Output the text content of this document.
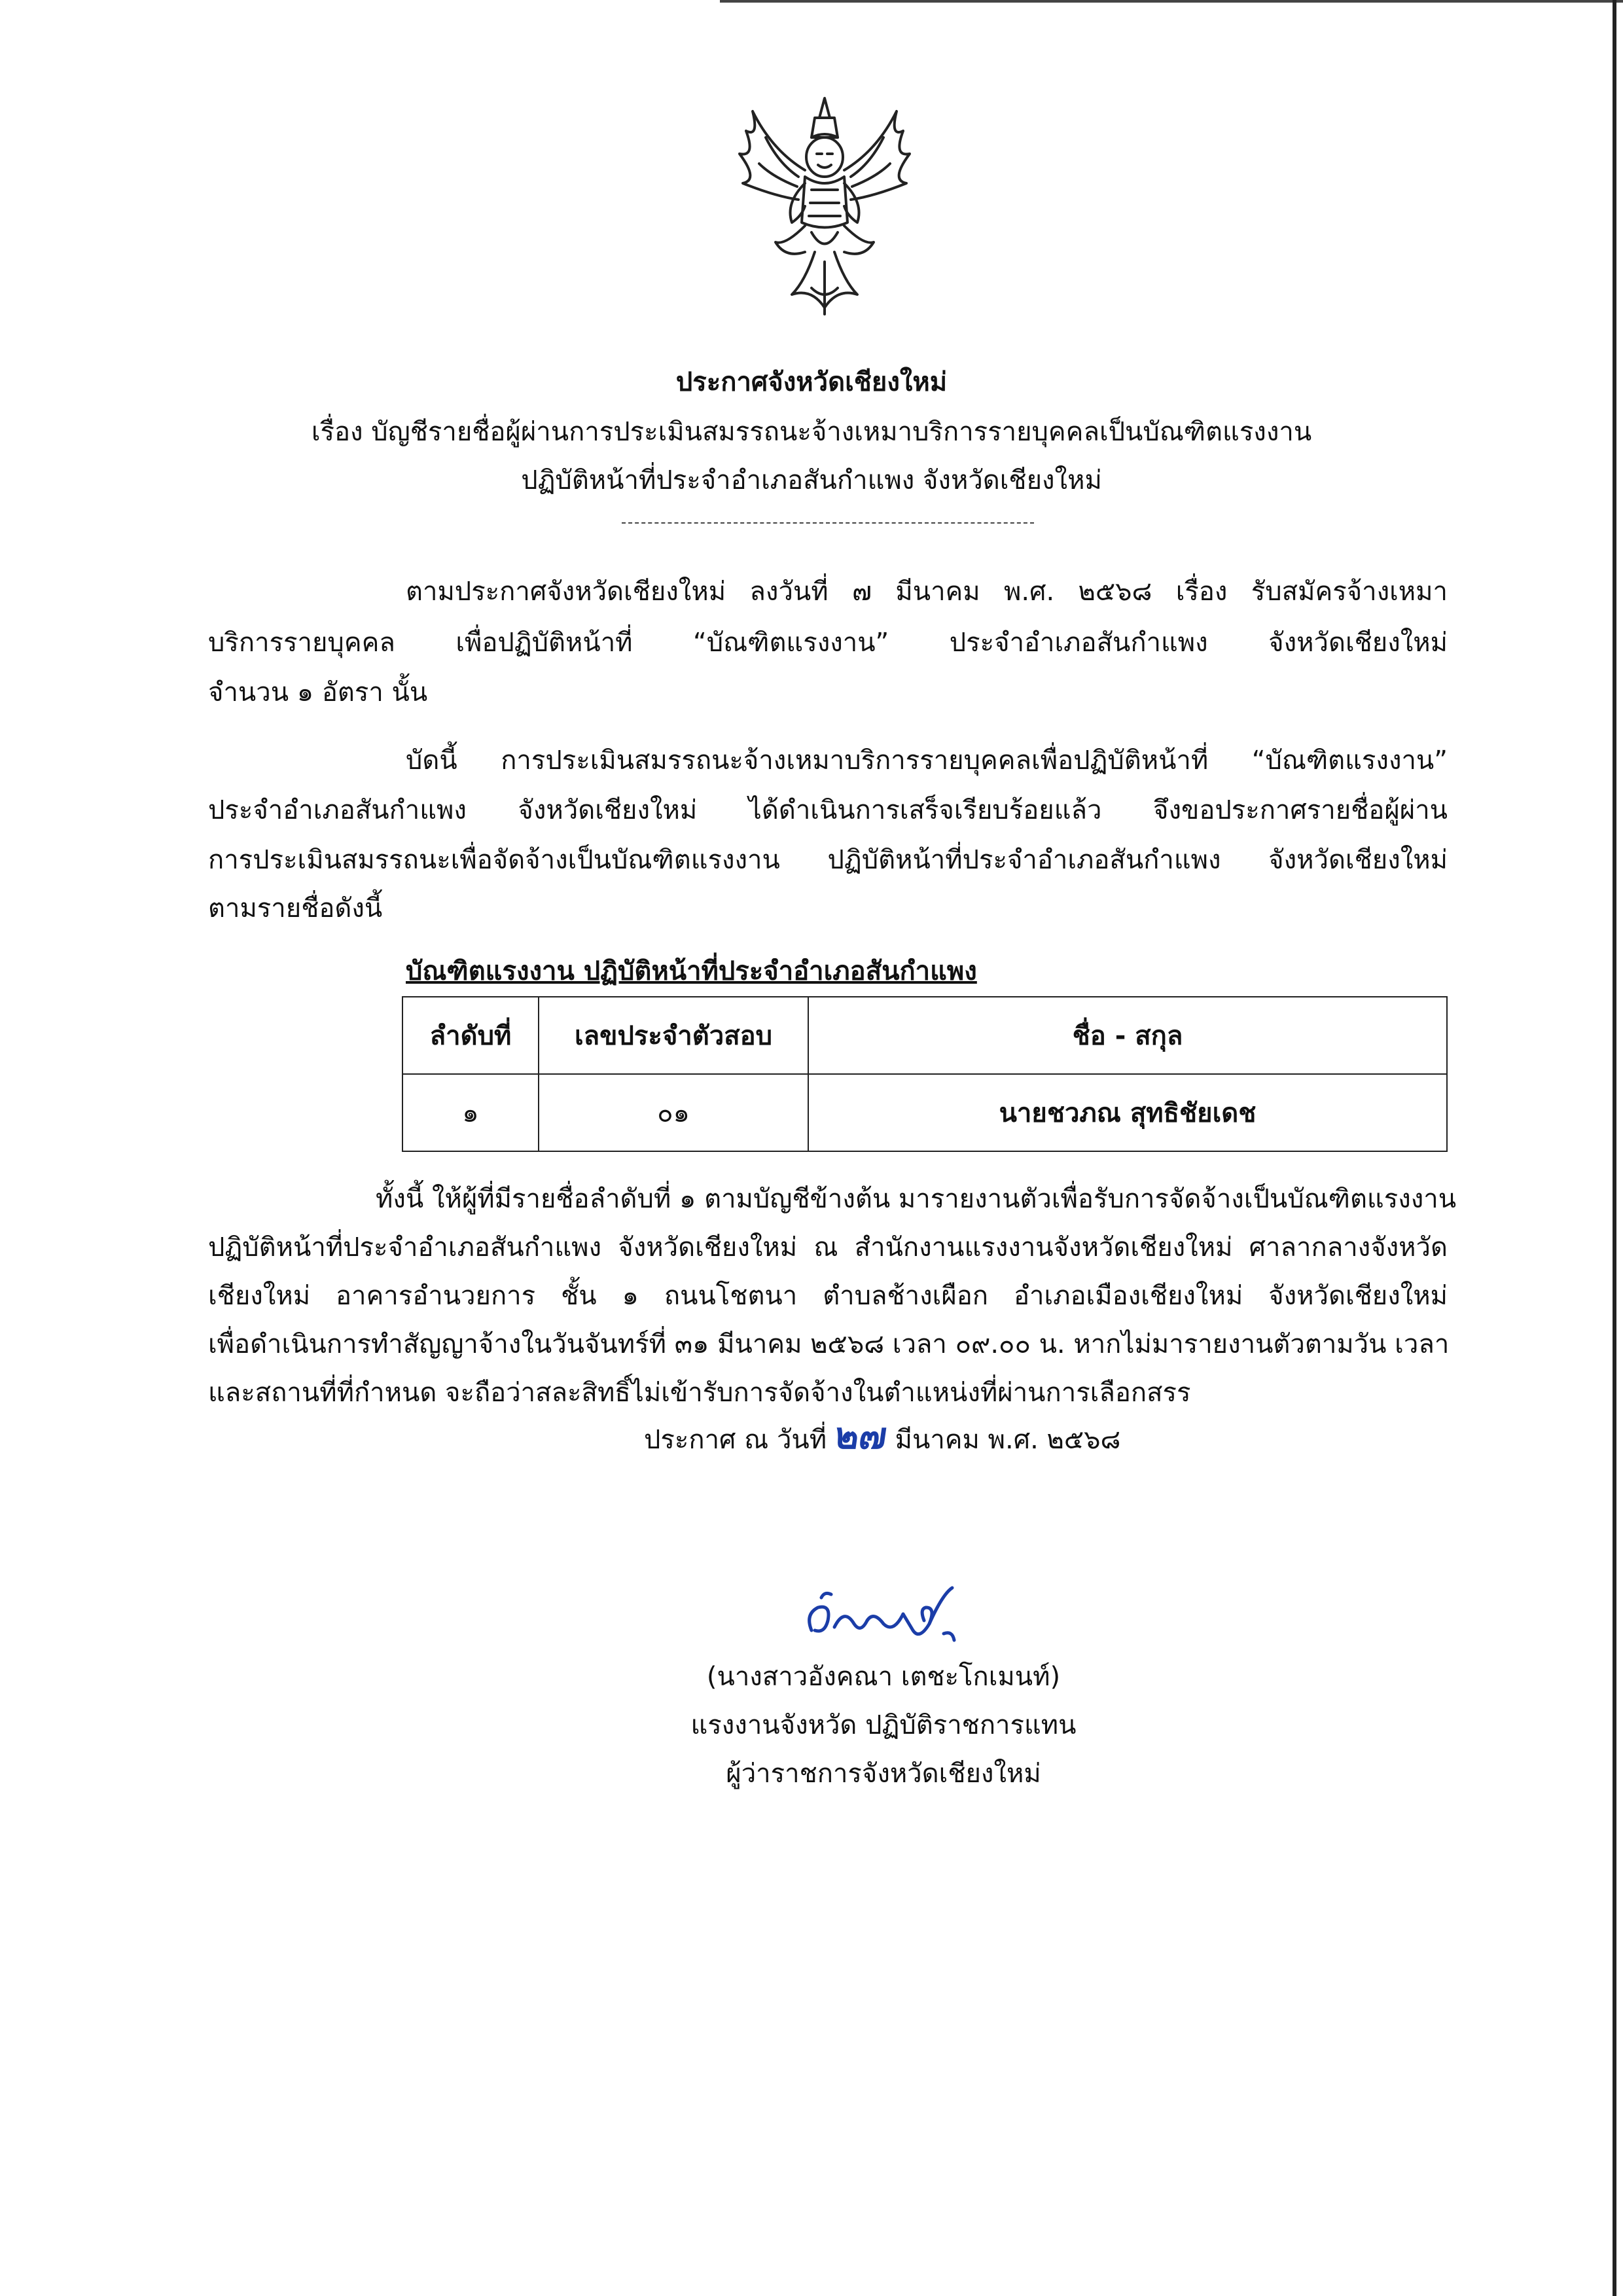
ประกาศจังหวัดเชียงใหม่
เรื่อง บัญชีรายชื่อผู้ผ่านการประเมินสมรรถนะจ้างเหมาบริการรายบุคคลเป็นบัณฑิตแรงงาน
ปฏิบัติหน้าที่ประจำอำเภอสันกำแพง จังหวัดเชียงใหม่
ตามประกาศจังหวัดเชียงใหม่ ลงวันที่ ๗ มีนาคม พ.ศ. ๒๕๖๘ เรื่อง รับสมัครจ้างเหมา
บริการรายบุคคล เพื่อปฏิบัติหน้าที่ “บัณฑิตแรงงาน” ประจำอำเภอสันกำแพง จังหวัดเชียงใหม่
จำนวน ๑ อัตรา นั้น
บัดนี้ การประเมินสมรรถนะจ้างเหมาบริการรายบุคคลเพื่อปฏิบัติหน้าที่ “บัณฑิตแรงงาน”
ประจำอำเภอสันกำแพง จังหวัดเชียงใหม่ ได้ดำเนินการเสร็จเรียบร้อยแล้ว จึงขอประกาศรายชื่อผู้ผ่าน
การประเมินสมรรถนะเพื่อจัดจ้างเป็นบัณฑิตแรงงาน ปฏิบัติหน้าที่ประจำอำเภอสันกำแพง จังหวัดเชียงใหม่
ตามรายชื่อดังนี้
บัณฑิตแรงงาน ปฏิบัติหน้าที่ประจำอำเภอสันกำแพง
ลำดับที่	เลขประจำตัวสอบ	ชื่อ - สกุล
๑	๐๑	นายชวภณ สุทธิชัยเดช
ทั้งนี้ ให้ผู้ที่มีรายชื่อลำดับที่ ๑ ตามบัญชีข้างต้น มารายงานตัวเพื่อรับการจัดจ้างเป็นบัณฑิตแรงงาน
ปฏิบัติหน้าที่ประจำอำเภอสันกำแพง จังหวัดเชียงใหม่ ณ สำนักงานแรงงานจังหวัดเชียงใหม่ ศาลากลางจังหวัด
เชียงใหม่ อาคารอำนวยการ ชั้น ๑ ถนนโชตนา ตำบลช้างเผือก อำเภอเมืองเชียงใหม่ จังหวัดเชียงใหม่
เพื่อดำเนินการทำสัญญาจ้างในวันจันทร์ที่ ๓๑ มีนาคม ๒๕๖๘ เวลา ๐๙.๐๐ น. หากไม่มารายงานตัวตามวัน เวลา
และสถานที่ที่กำหนด จะถือว่าสละสิทธิ์ไม่เข้ารับการจัดจ้างในตำแหน่งที่ผ่านการเลือกสรร
ประกาศ ณ วันที่ ๒๗ มีนาคม พ.ศ. ๒๕๖๘
(นางสาวอังคณา เตชะโกเมนท์)
แรงงานจังหวัด ปฏิบัติราชการแทน
ผู้ว่าราชการจังหวัดเชียงใหม่
